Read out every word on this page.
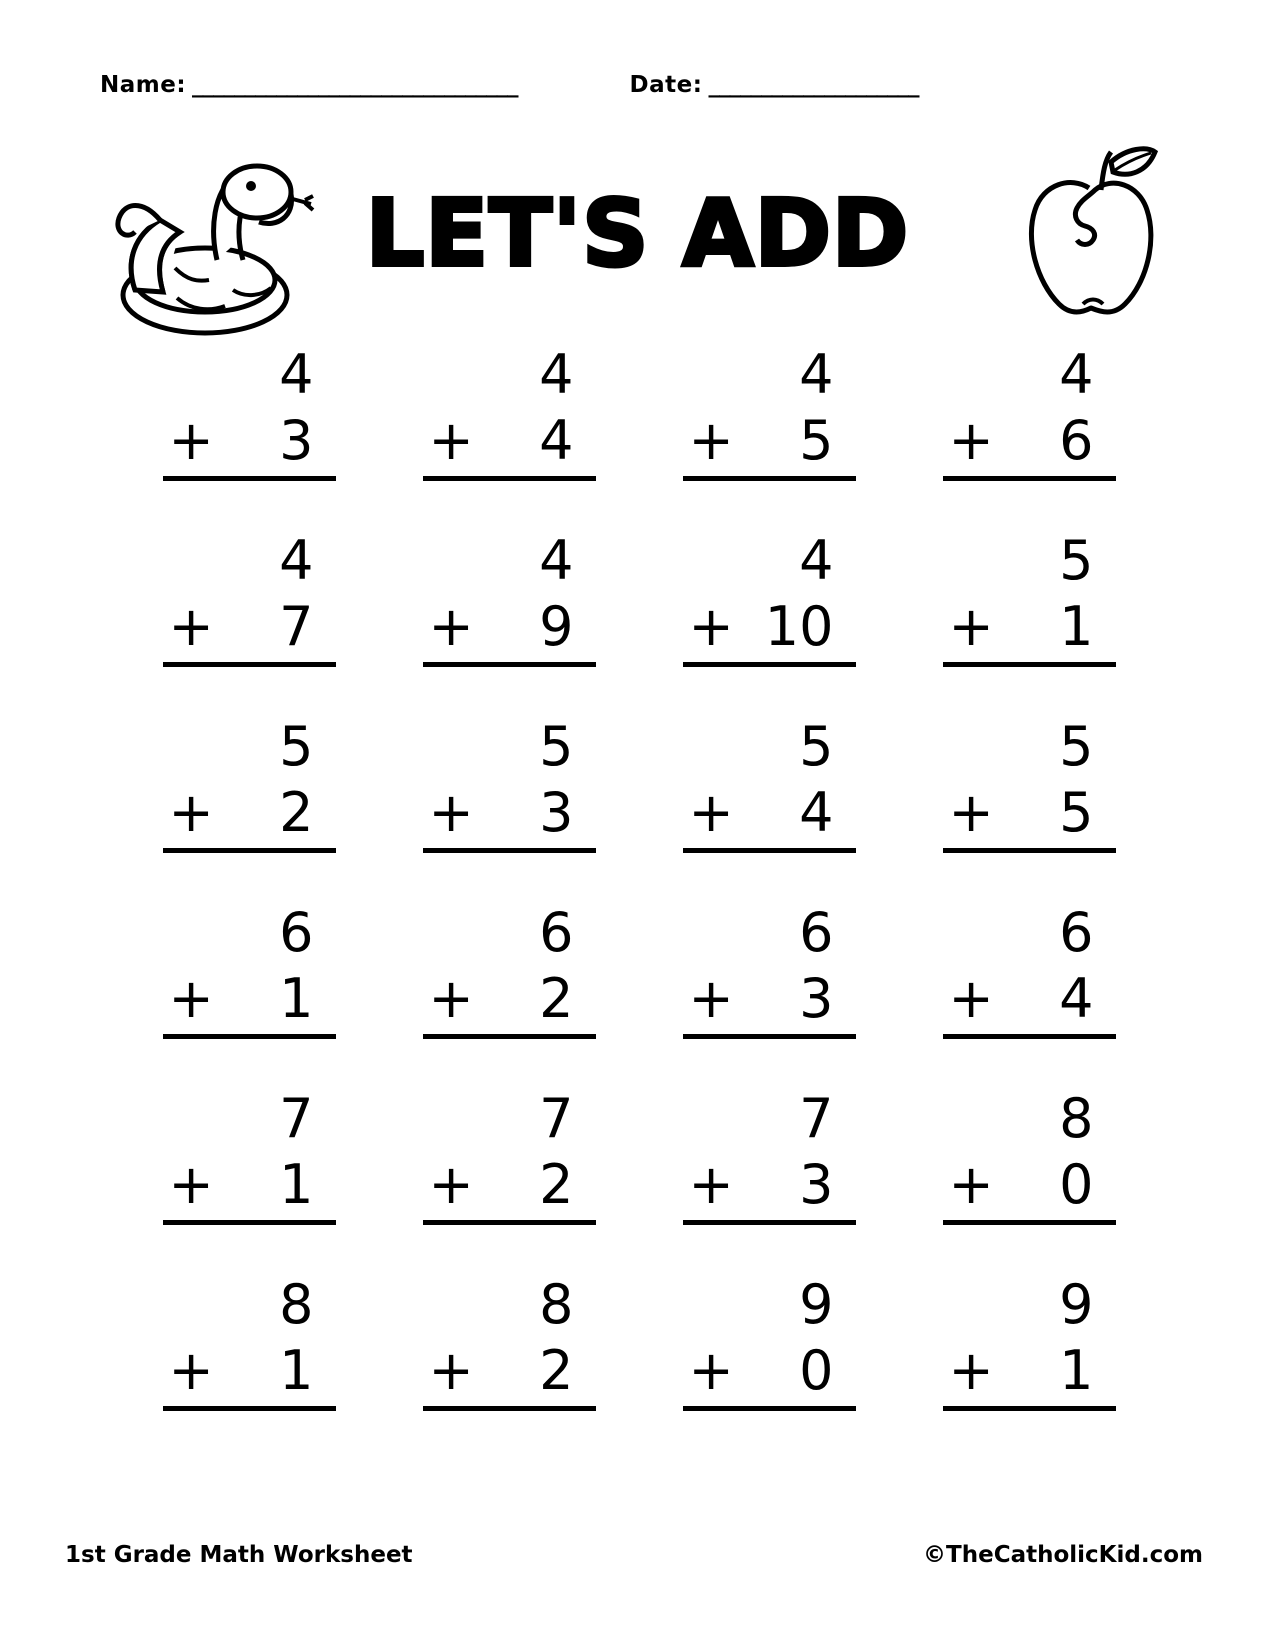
Name: _______________________________	Date: ____________________
LET'S ADD
4
+	3
4
+	4
4
+	5
4
+	6
4
+	7
4
+	9
4
+ 10
5
+	1
5
+	2
5
+	3
5
+	4
5
+	5
6
+	1
6
+	2
6
+	3
6
+	4
7
+	1
7
+	2
7
+	3
8
+	0
8
+	1
8
+	2
9
+	0
9
+	1
1st Grade Math Worksheet	©TheCatholicKid.com
